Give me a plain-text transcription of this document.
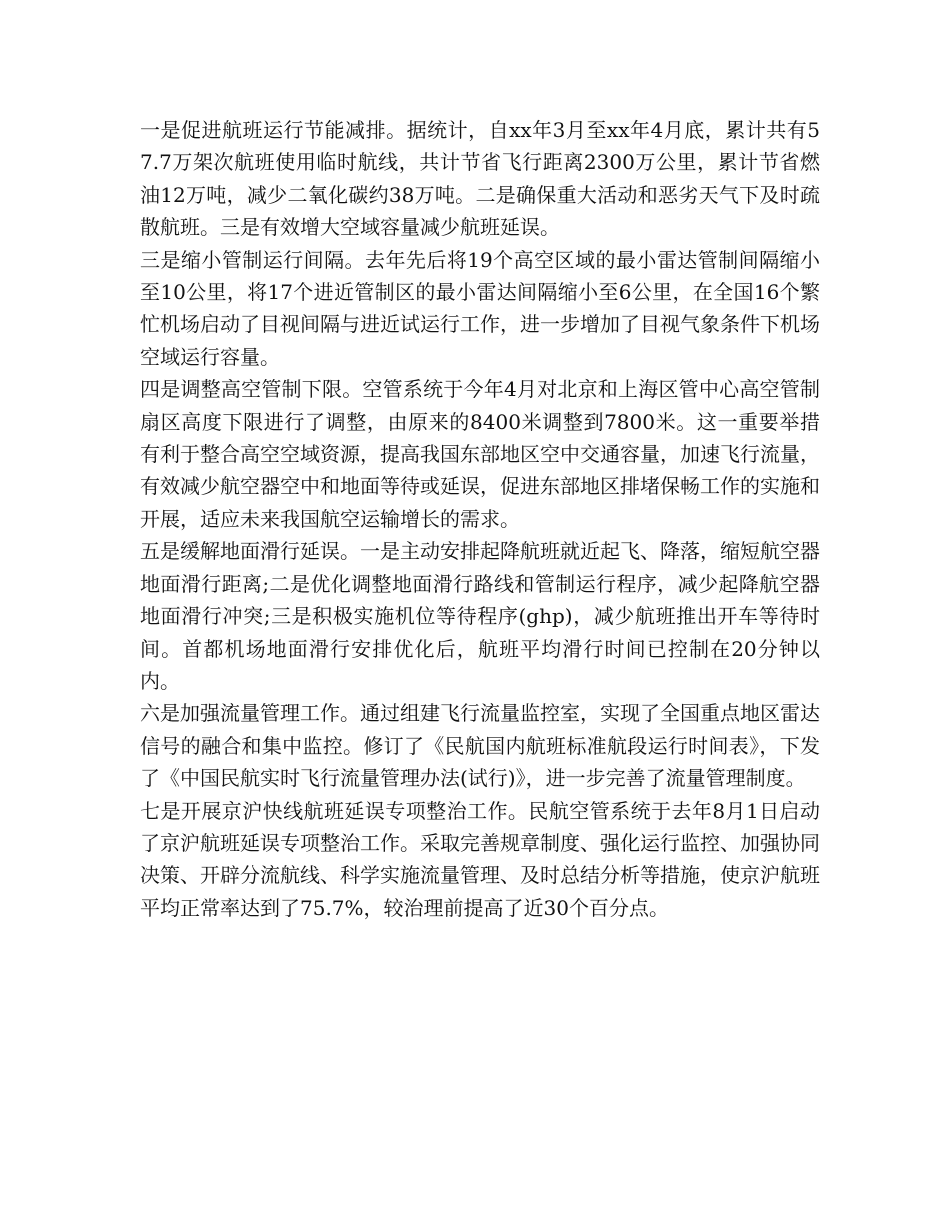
一是促进航班运行节能减排。据统计，自xx年3月至xx年4月底，累计共有57.7万架次航班使用临时航线，共计节省飞行距离2300万公里，累计节省燃油12万吨，减少二氧化碳约38万吨。二是确保重大活动和恶劣天气下及时疏散航班。三是有效增大空域容量减少航班延误。

三是缩小管制运行间隔。去年先后将19个高空区域的最小雷达管制间隔缩小至10公里，将17个进近管制区的最小雷达间隔缩小至6公里，在全国16个繁忙机场启动了目视间隔与进近试运行工作，进一步增加了目视气象条件下机场空域运行容量。

四是调整高空管制下限。空管系统于今年4月对北京和上海区管中心高空管制扇区高度下限进行了调整，由原来的8400米调整到7800米。这一重要举措有利于整合高空空域资源，提高我国东部地区空中交通容量，加速飞行流量，有效减少航空器空中和地面等待或延误，促进东部地区排堵保畅工作的实施和开展，适应未来我国航空运输增长的需求。

五是缓解地面滑行延误。一是主动安排起降航班就近起飞、降落，缩短航空器地面滑行距离;二是优化调整地面滑行路线和管制运行程序，减少起降航空器地面滑行冲突;三是积极实施机位等待程序(ghp)，减少航班推出开车等待时间。首都机场地面滑行安排优化后，航班平均滑行时间已控制在20分钟以内。

六是加强流量管理工作。通过组建飞行流量监控室，实现了全国重点地区雷达信号的融合和集中监控。修订了《民航国内航班标准航段运行时间表》，下发了《中国民航实时飞行流量管理办法(试行)》，进一步完善了流量管理制度。

七是开展京沪快线航班延误专项整治工作。民航空管系统于去年8月1日启动了京沪航班延误专项整治工作。采取完善规章制度、强化运行监控、加强协同决策、开辟分流航线、科学实施流量管理、及时总结分析等措施，使京沪航班平均正常率达到了75.7%，较治理前提高了近30个百分点。
